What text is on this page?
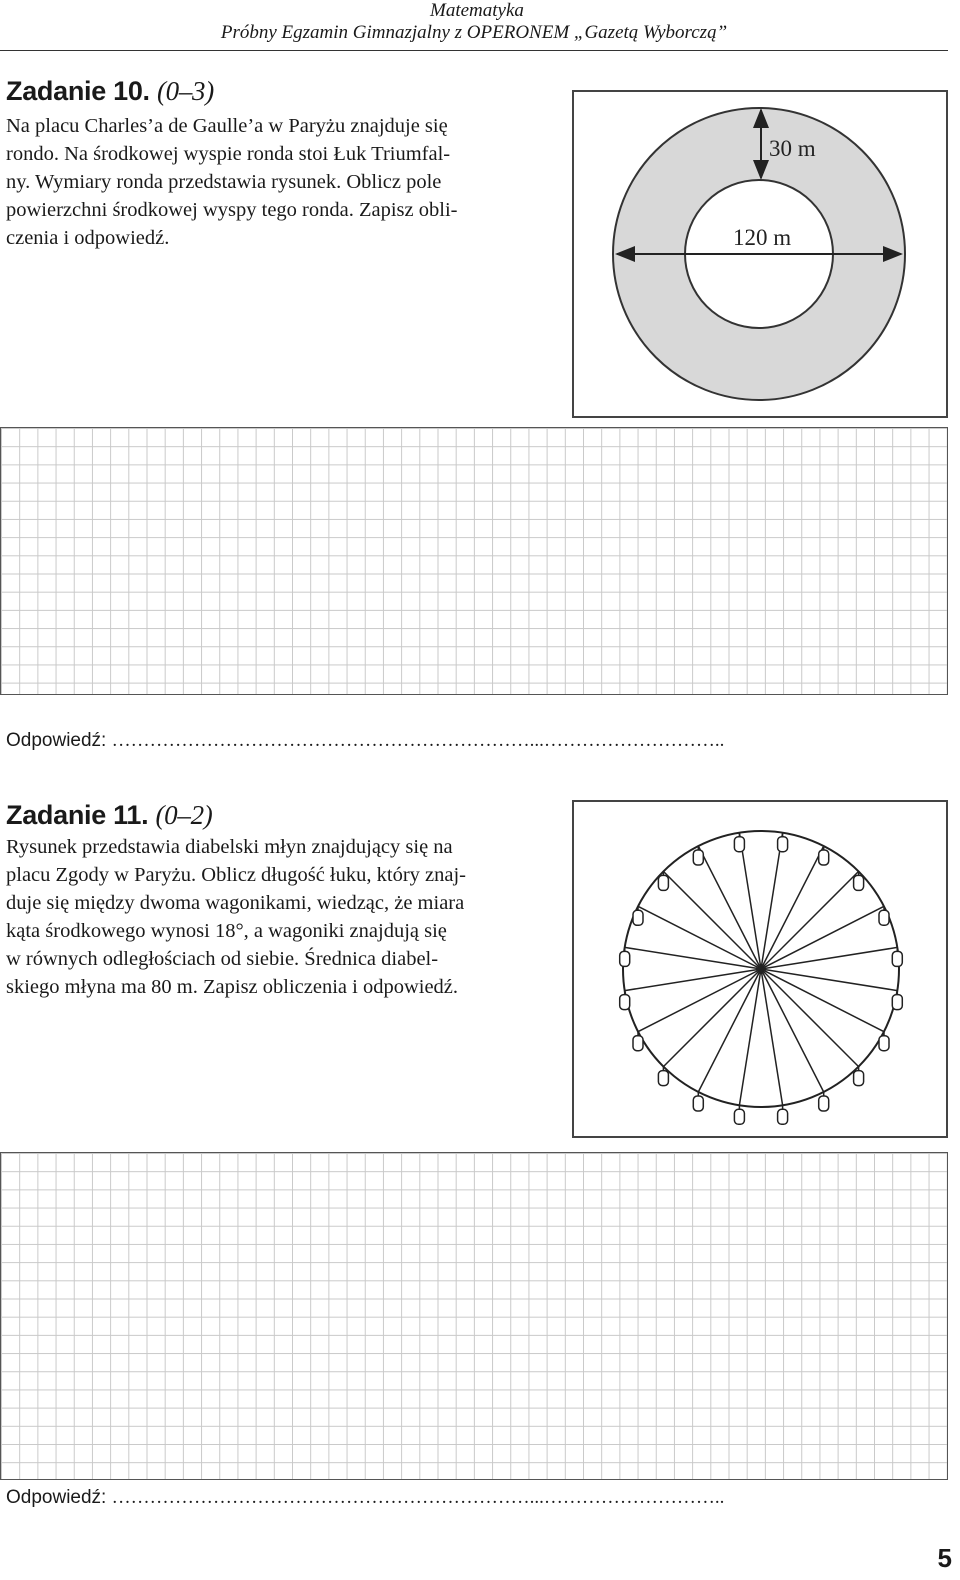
Matematyka
Próbny Egzamin Gimnazjalny z OPERONEM „Gazetą Wyborczą”
Zadanie 10. (0–3)
Na placu Charles’a de Gaulle’a w Paryżu znajduje się
rondo. Na środkowej wyspie ronda stoi Łuk Triumfal-
ny. Wymiary ronda przedstawia rysunek. Oblicz pole
powierzchni środkowej wyspy tego ronda. Zapisz obli-
czenia i odpowiedź.
30 m
120 m
Odpowiedź: …………………………………………………………...………………………..
Zadanie 11. (0–2)
Rysunek przedstawia diabelski młyn znajdujący się na
placu Zgody w Paryżu. Oblicz długość łuku, który znaj-
duje się między dwoma wagonikami, wiedząc, że miara
kąta środkowego wynosi 18°, a wagoniki znajdują się
w równych odległościach od siebie. Średnica diabel-
skiego młyna ma 80 m. Zapisz obliczenia i odpowiedź.
Odpowiedź: …………………………………………………………...………………………..
5
